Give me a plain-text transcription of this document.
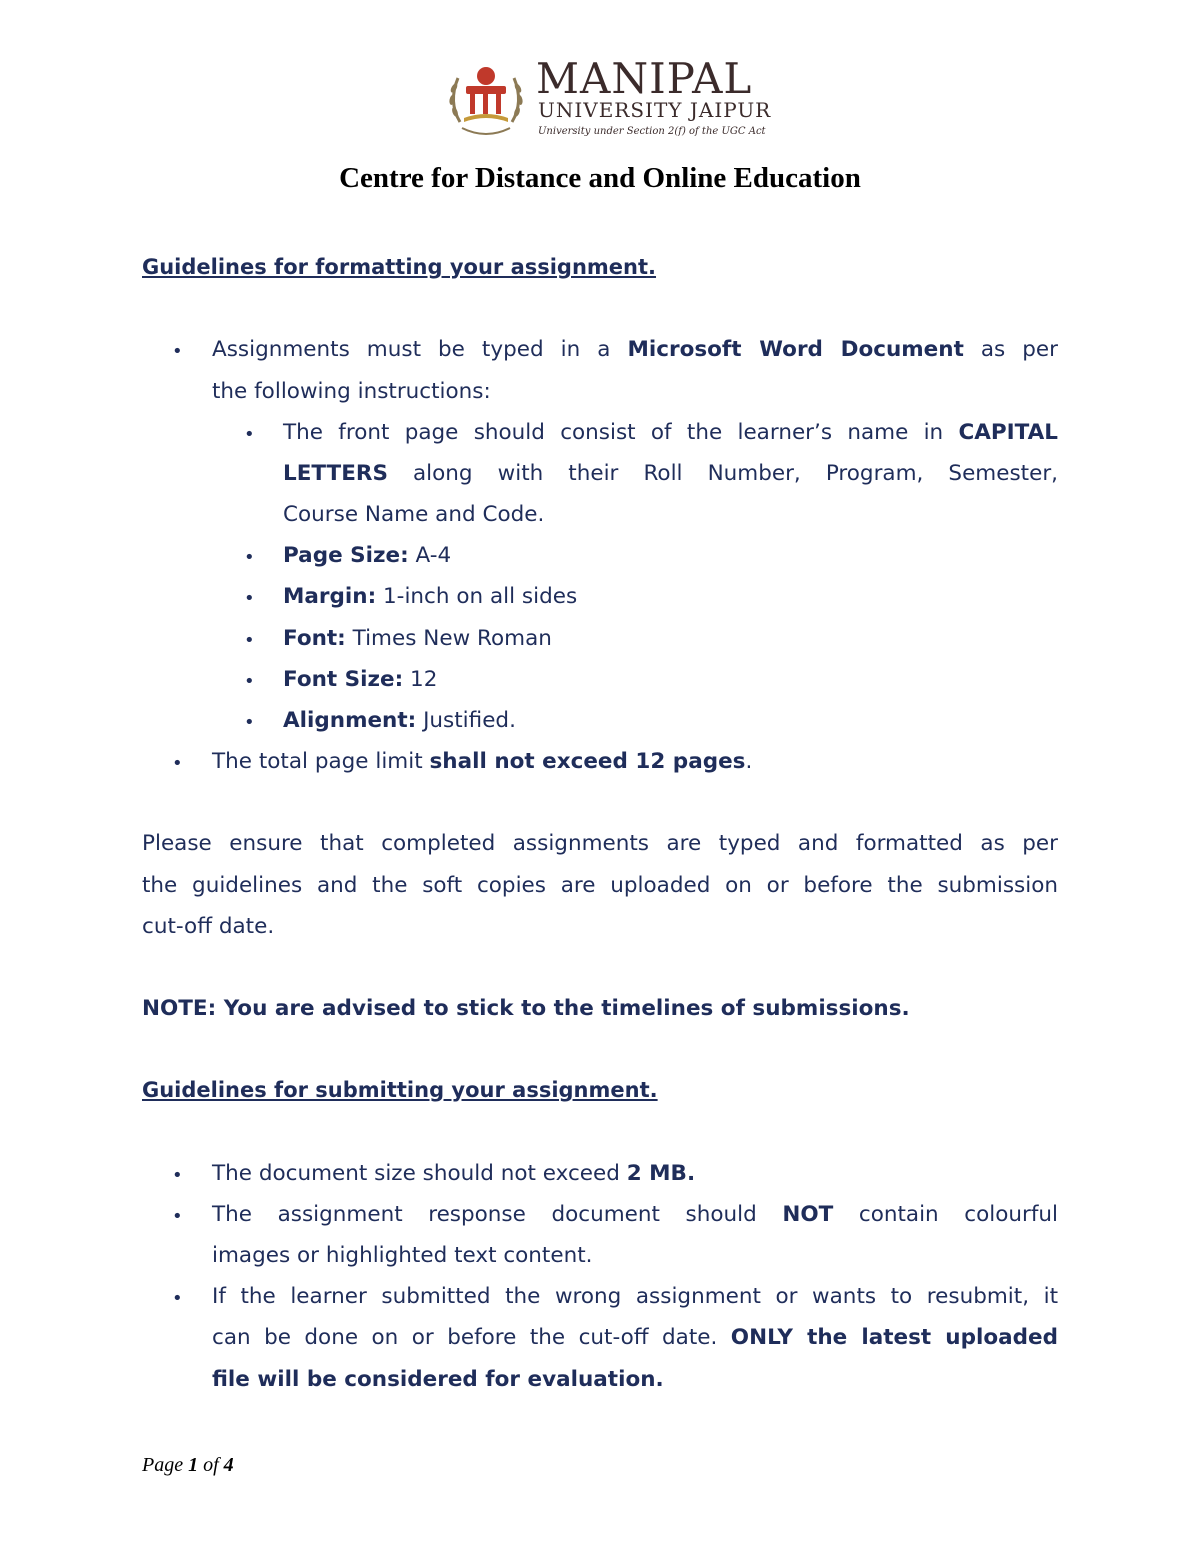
MANIPAL
UNIVERSITY JAIPUR
University under Section 2(f) of the UGC Act
Centre for Distance and Online Education
Guidelines for formatting your assignment.
• Assignments must be typed in a Microsoft Word Document as per

the following instructions:

• The front page should consist of the learner’s name in CAPITAL

LETTERS along with their Roll Number, Program, Semester,

Course Name and Code.

• Page Size: A-4

• Margin: 1-inch on all sides

• Font: Times New Roman

• Font Size: 12

• Alignment: Justified.

• The total page limit shall not exceed 12 pages.

Please ensure that completed assignments are typed and formatted as per

the guidelines and the soft copies are uploaded on or before the submission

cut-off date.

NOTE: You are advised to stick to the timelines of submissions.

Guidelines for submitting your assignment.
• The document size should not exceed 2 MB.

• The assignment response document should NOT contain colourful

images or highlighted text content.

• If the learner submitted the wrong assignment or wants to resubmit, it

can be done on or before the cut-off date. ONLY the latest uploaded

file will be considered for evaluation.

Page 1 of 4
